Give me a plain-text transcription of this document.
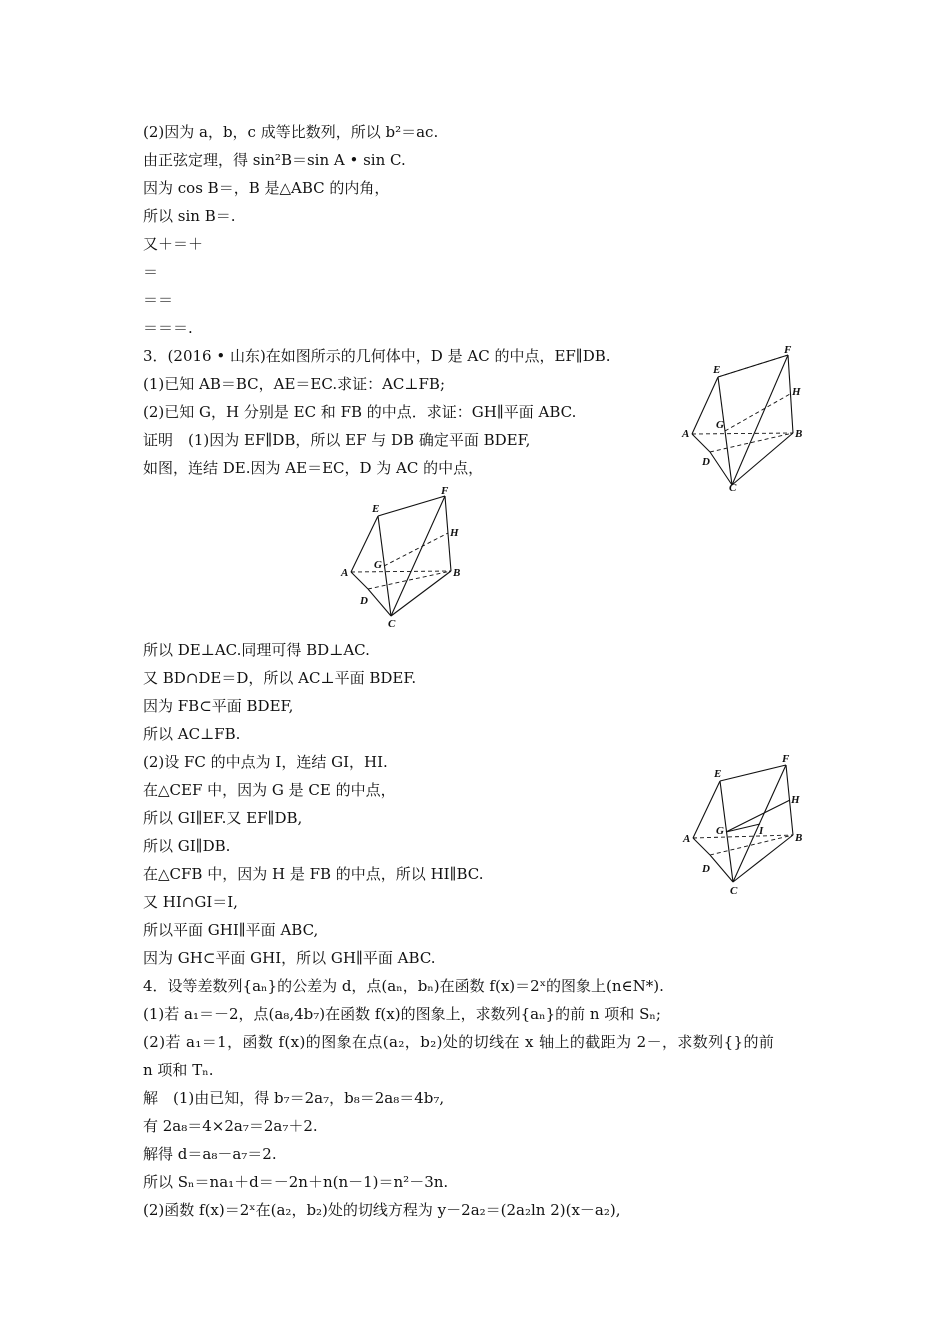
(2)因为 a，b，c 成等比数列，所以 b²＝ac.
由正弦定理，得 sin²B＝sin A • sin C.
因为 cos B＝，B 是△ABC 的内角，
所以 sin B＝.
又＋＝＋
＝
＝＝
＝＝＝.
3．(2016 • 山东)在如图所示的几何体中，D 是 AC 的中点，EF∥DB.
(1)已知 AB＝BC，AE＝EC.求证：AC⊥FB;
(2)已知 G，H 分别是 EC 和 FB 的中点．求证：GH∥平面 ABC.
证明　(1)因为 EF∥DB，所以 EF 与 DB 确定平面 BDEF,
如图，连结 DE.因为 AE＝EC，D 为 AC 的中点，
所以 DE⊥AC.同理可得 BD⊥AC.
又 BD∩DE＝D，所以 AC⊥平面 BDEF.
因为 FB⊂平面 BDEF,
所以 AC⊥FB.
(2)设 FC 的中点为 I，连结 GI，HI.
在△CEF 中，因为 G 是 CE 的中点，
所以 GI∥EF.又 EF∥DB,
所以 GI∥DB.
在△CFB 中，因为 H 是 FB 的中点，所以 HI∥BC.
又 HI∩GI＝I,
所以平面 GHI∥平面 ABC,
因为 GH⊂平面 GHI，所以 GH∥平面 ABC.
4．设等差数列{aₙ}的公差为 d，点(aₙ，bₙ)在函数 f(x)＝2ˣ的图象上(n∈N*).
(1)若 a₁＝－2，点(a₈,4b₇)在函数 f(x)的图象上，求数列{aₙ}的前 n 项和 Sₙ;
(2)若 a₁＝1，函数 f(x)的图象在点(a₂，b₂)处的切线在 x 轴上的截距为 2－，求数列{}的前
n 项和 Tₙ.
解　(1)由已知，得 b₇＝2a₇，b₈＝2a₈＝4b₇,
有 2a₈＝4×2a₇＝2a₇＋2.
解得 d＝a₈－a₇＝2.
所以 Sₙ＝na₁＋d＝－2n＋n(n－1)＝n²－3n.
(2)函数 f(x)＝2ˣ在(a₂，b₂)处的切线方程为 y－2a₂＝(2a₂ln 2)(x－a₂),
E
F
H
A
G
B
D
C
E
F
H
A
G
B
D
C
E
F
H
A
G	I
B
D
C
